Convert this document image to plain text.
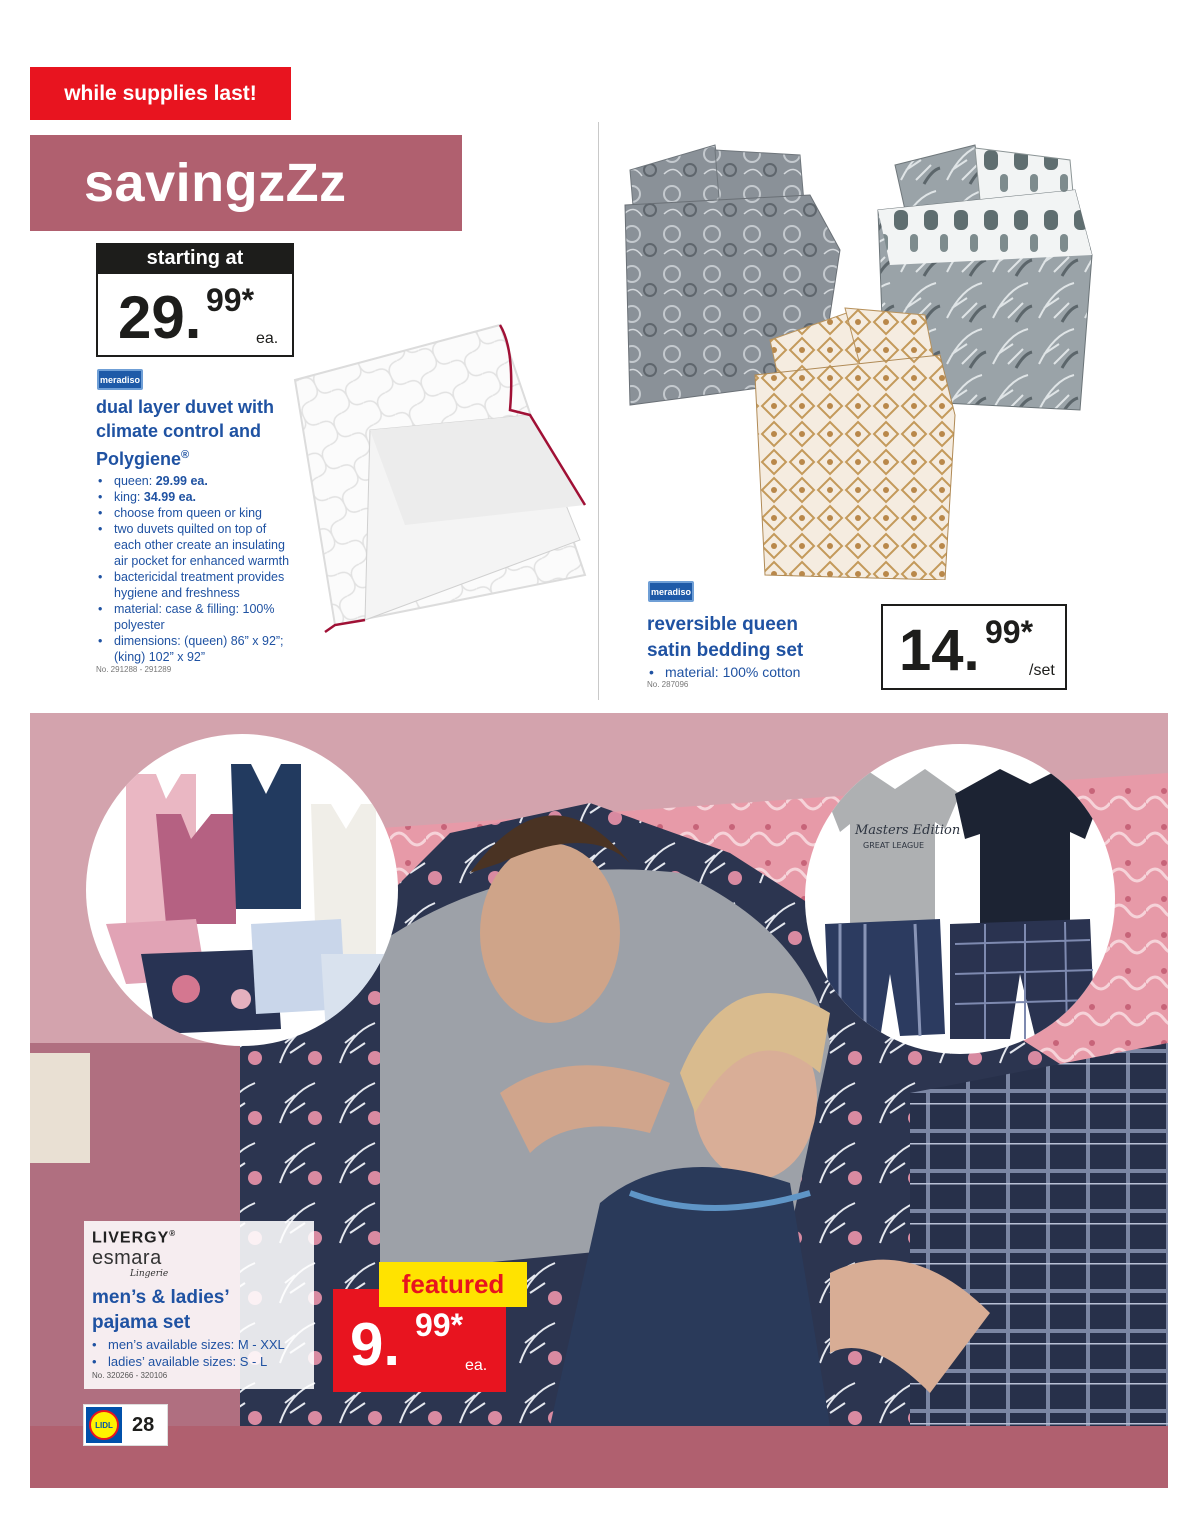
while supplies last!
savingzZz
starting at
29. 99*
ea.
meradiso
dual layer duvet with
climate control and
Polygiene®
• queen: 29.99 ea.
• king: 34.99 ea.
• choose from queen or king
• two duvets quilted on top of each other create an insulating air pocket for enhanced warmth
• bactericidal treatment provides hygiene and freshness
• material: case & filling: 100% polyester
• dimensions: (queen) 86” x 92”; (king) 102” x 92”
No. 291288 - 291289
meradiso
reversible queen
satin bedding set
• material: 100% cotton
No. 287096
14. 99*
/set
Masters Edition
GREAT LEAGUE
LIVERGY®
esmara
Lingerie
men’s & ladies’
pajama set
• men’s available sizes: M - XXL
• ladies’ available sizes: S - L
No. 320266 - 320106	9. 99*
ea.
featured
LIDL 28
